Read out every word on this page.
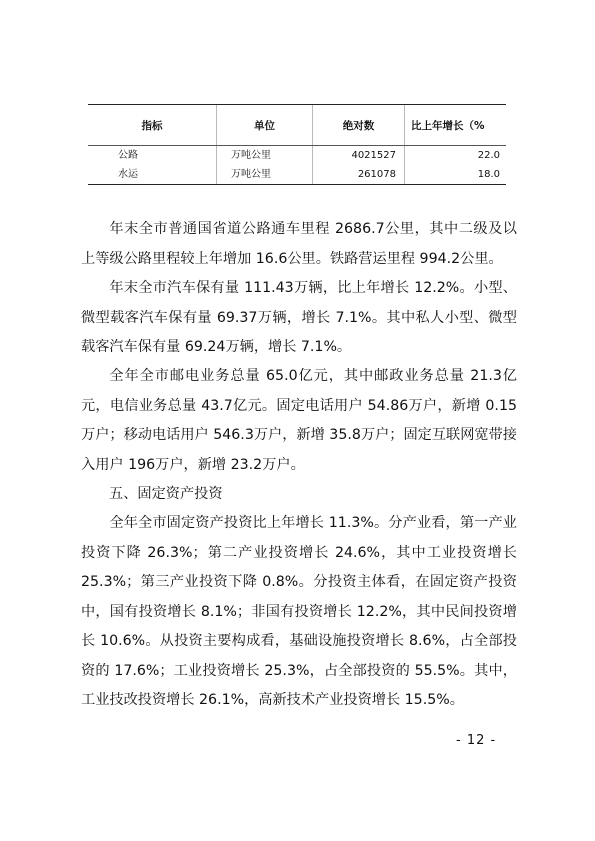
指标	单位	绝对数	比上年增长（%
公路	万吨公里	4021527	22.0
水运	万吨公里	261078	18.0

年末全市普通国省道公路通车里程 2686.7公里，其中二级及以上等级公路里程较上年增加 16.6公里。铁路营运里程 994.2公里。

年末全市汽车保有量 111.43万辆，比上年增长 12.2%。小型、微型载客汽车保有量 69.37万辆，增长 7.1%。其中私人小型、微型载客汽车保有量 69.24万辆，增长 7.1%。

全年全市邮电业务总量 65.0亿元，其中邮政业务总量 21.3亿元，电信业务总量 43.7亿元。固定电话用户 54.86万户，新增 0.15万户；移动电话用户 546.3万户，新增 35.8万户；固定互联网宽带接入用户 196万户，新增 23.2万户。

五、固定资产投资

全年全市固定资产投资比上年增长 11.3%。分产业看，第一产业投资下降 26.3%；第二产业投资增长 24.6%，其中工业投资增长 25.3%；第三产业投资下降 0.8%。分投资主体看，在固定资产投资中，国有投资增长 8.1%；非国有投资增长 12.2%，其中民间投资增长 10.6%。从投资主要构成看，基础设施投资增长 8.6%，占全部投资的 17.6%；工业投资增长 25.3%，占全部投资的 55.5%。其中，工业技改投资增长 26.1%，高新技术产业投资增长 15.5%。

- 12 -
